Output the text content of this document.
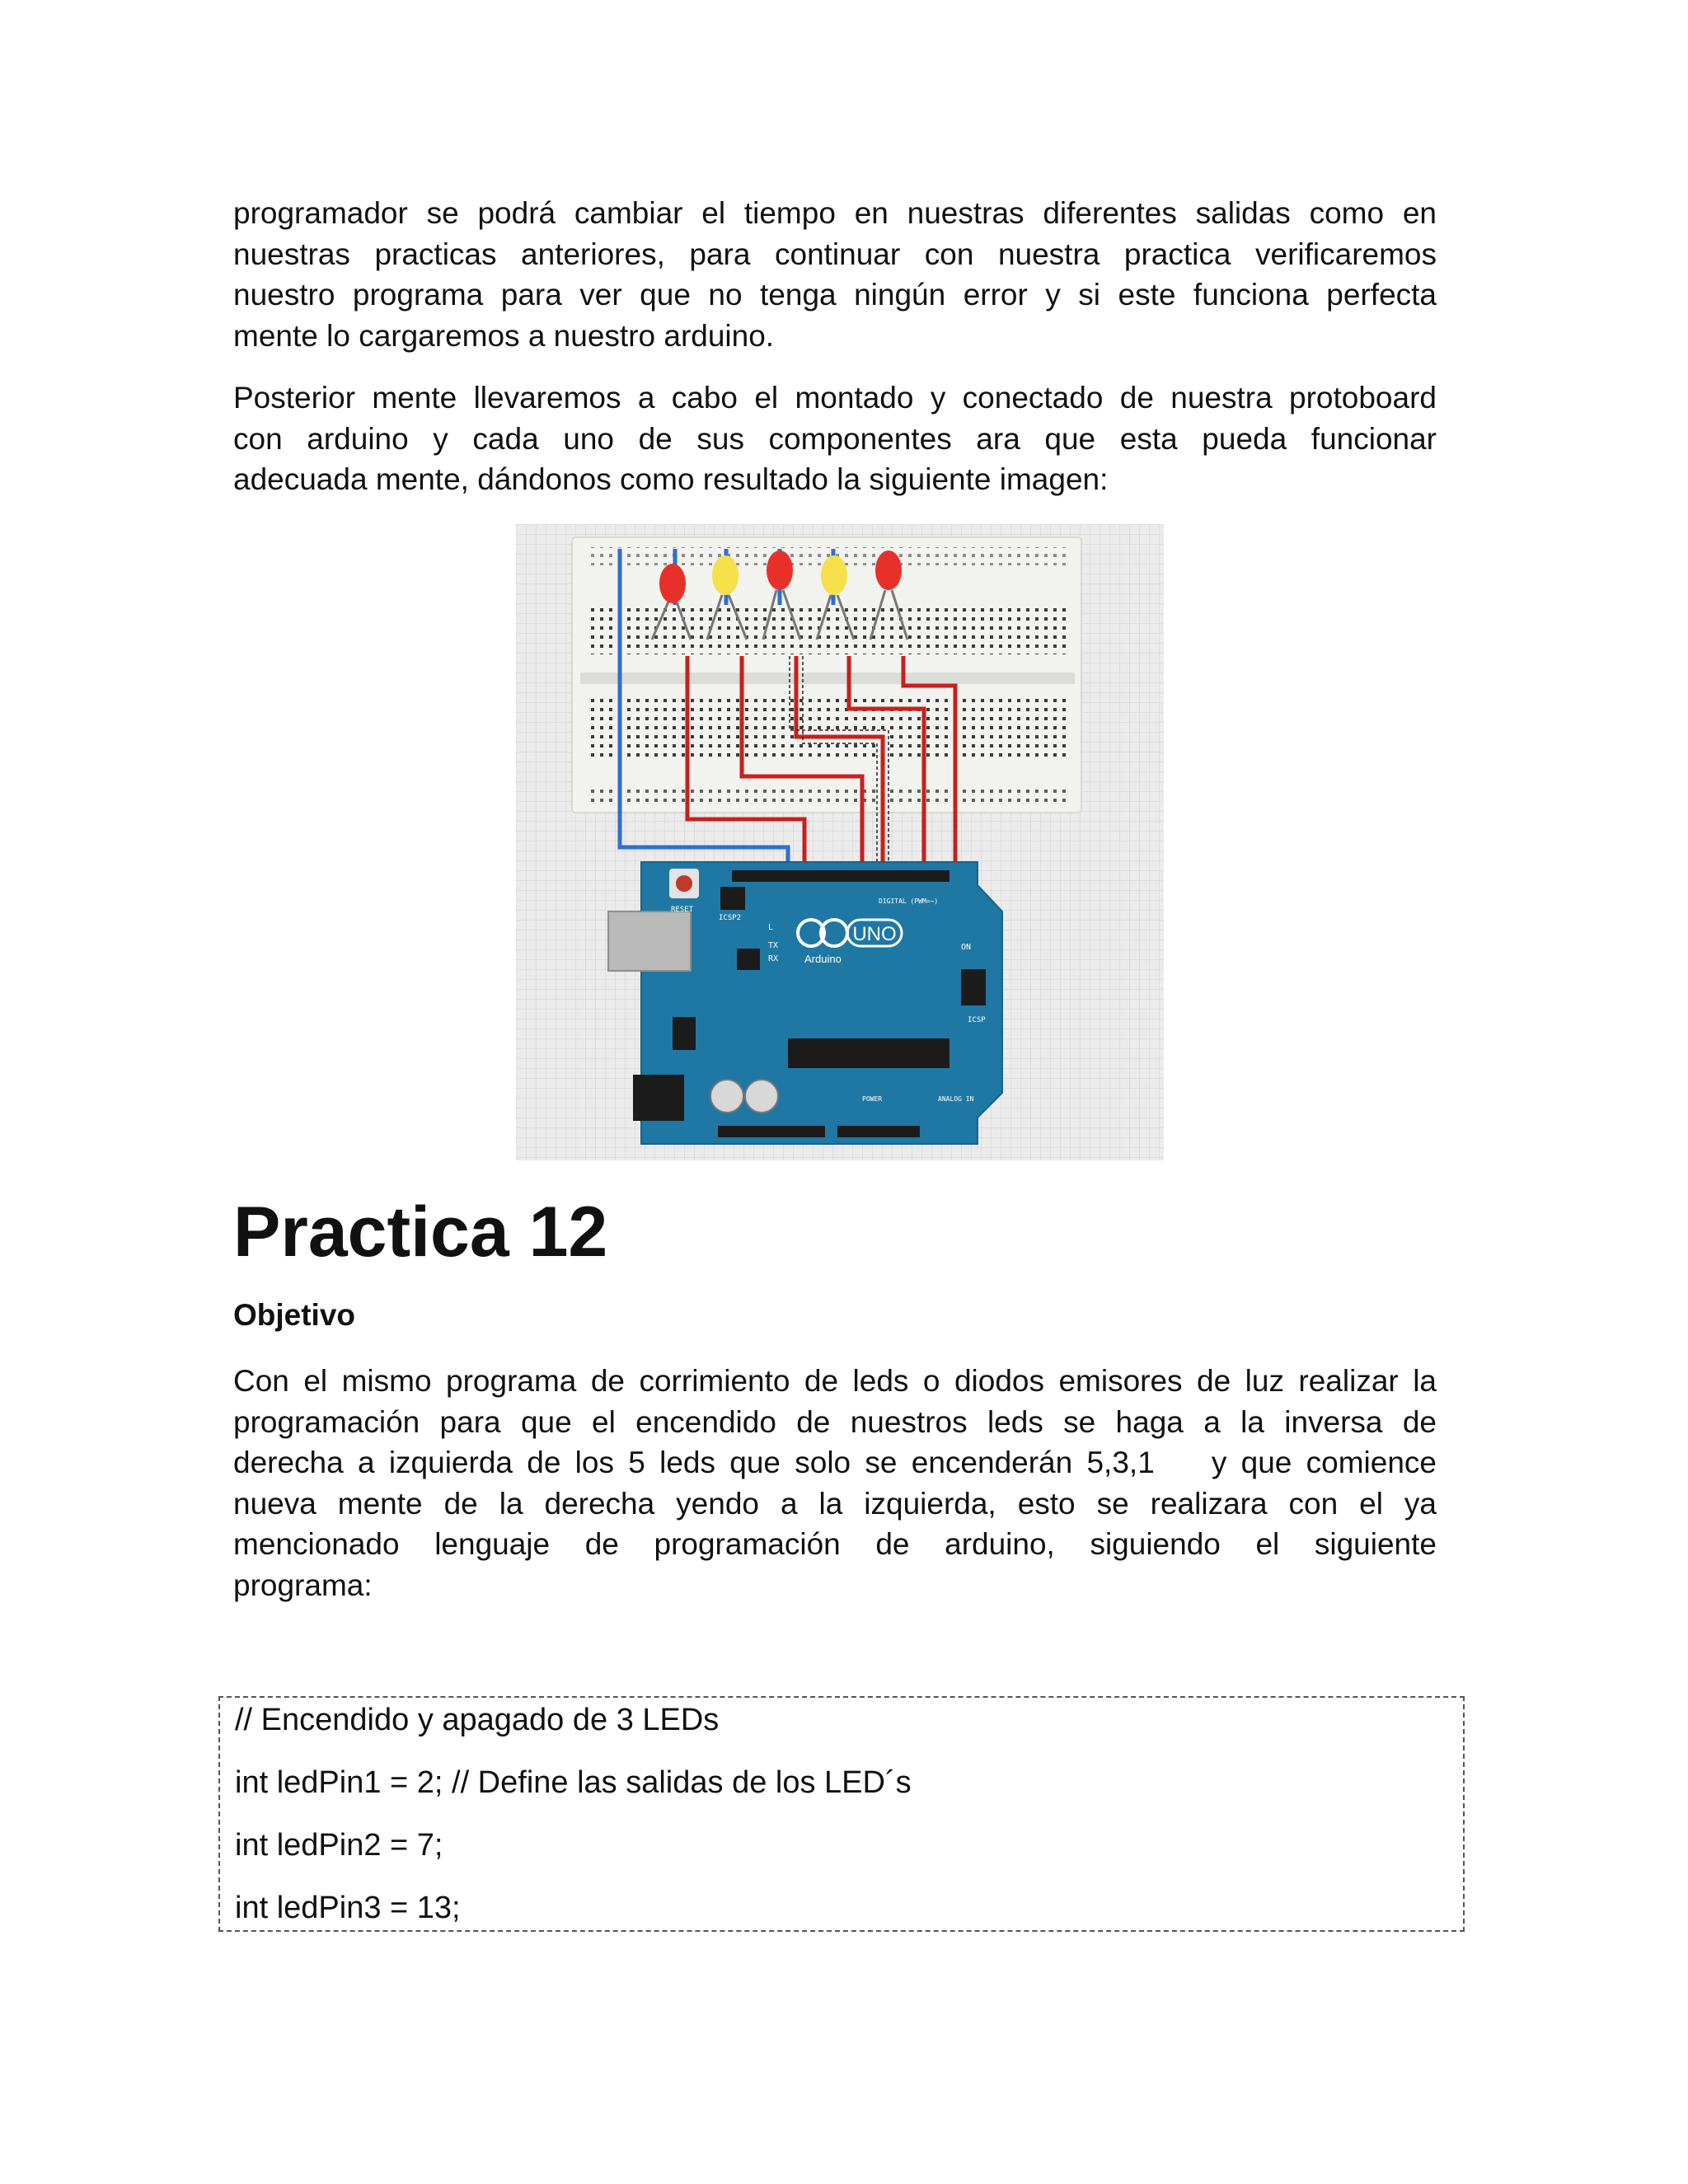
programador se podrá cambiar el tiempo en nuestras diferentes salidas como en
nuestras practicas anteriores, para continuar con nuestra practica verificaremos
nuestro programa para ver que no tenga ningún error y si este funciona perfecta
mente lo cargaremos a nuestro arduino.
Posterior mente llevaremos a cabo el montado y conectado de nuestra protoboard
con arduino y cada uno de sus componentes ara que esta pueda funcionar
adecuada mente, dándonos como resultado la siguiente imagen:
UNO
Arduino
RESET
ICSP2
L
TX
RX
ON
DIGITAL (PWM=~)
POWER	ANALOG IN
ICSP
Practica 12
Objetivo
Con el mismo programa de corrimiento de leds o diodos emisores de luz realizar la
programación para que el encendido de nuestros leds se haga a la inversa de
derecha a izquierda de los 5 leds que solo se encenderán 5,3,1    y que comience
nueva mente de la derecha yendo a la izquierda, esto se realizara con el ya
mencionado lenguaje de programación de arduino, siguiendo el siguiente
programa:

// Encendido y apagado de 3 LEDs

int ledPin1 = 2; // Define las salidas de los LED´s

int ledPin2 = 7;

int ledPin3 = 13;
